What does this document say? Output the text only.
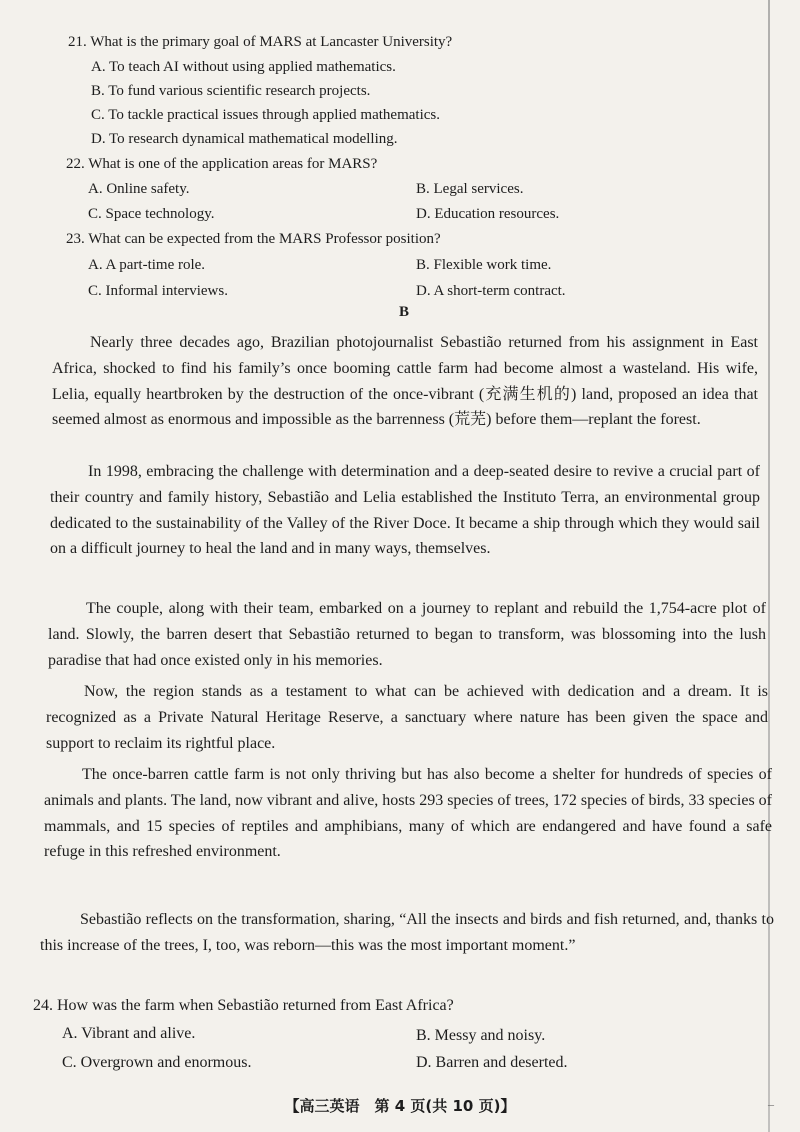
21. What is the primary goal of MARS at Lancaster University?
A. To teach AI without using applied mathematics.
B. To fund various scientific research projects.
C. To tackle practical issues through applied mathematics.
D. To research dynamical mathematical modelling.
22. What is one of the application areas for MARS?
A. Online safety.	B. Legal services.
C. Space technology.	D. Education resources.
23. What can be expected from the MARS Professor position?
A. A part-time role.	B. Flexible work time.
C. Informal interviews.	D. A short-term contract.
B

Nearly three decades ago, Brazilian photojournalist Sebastião returned from his assignment in East Africa, shocked to find his family’s once booming cattle farm had become almost a wasteland. His wife, Lelia, equally heartbroken by the destruction of the once-vibrant (充满生机的) land, proposed an idea that seemed almost as enormous and impossible as the barrenness (荒芜) before them—replant the forest.

In 1998, embracing the challenge with determination and a deep-seated desire to revive a crucial part of their country and family history, Sebastião and Lelia established the Instituto Terra, an environmental group dedicated to the sustainability of the Valley of the River Doce. It became a ship through which they would sail on a difficult journey to heal the land and in many ways, themselves.

The couple, along with their team, embarked on a journey to replant and rebuild the 1,754-acre plot of land. Slowly, the barren desert that Sebastião returned to began to transform, was blossoming into the lush paradise that had once existed only in his memories.

Now, the region stands as a testament to what can be achieved with dedication and a dream. It is recognized as a Private Natural Heritage Reserve, a sanctuary where nature has been given the space and support to reclaim its rightful place.

The once-barren cattle farm is not only thriving but has also become a shelter for hundreds of species of animals and plants. The land, now vibrant and alive, hosts 293 species of trees, 172 species of birds, 33 species of mammals, and 15 species of reptiles and amphibians, many of which are endangered and have found a safe refuge in this refreshed environment.

Sebastião reflects on the transformation, sharing, “All the insects and birds and fish returned, and, thanks to this increase of the trees, I, too, was reborn—this was the most important moment.”

24. How was the farm when Sebastião returned from East Africa?
A. Vibrant and alive.	B. Messy and noisy.
C. Overgrown and enormous.	D. Barren and deserted.
【高三英语　第 4 页(共 10 页)】	–
